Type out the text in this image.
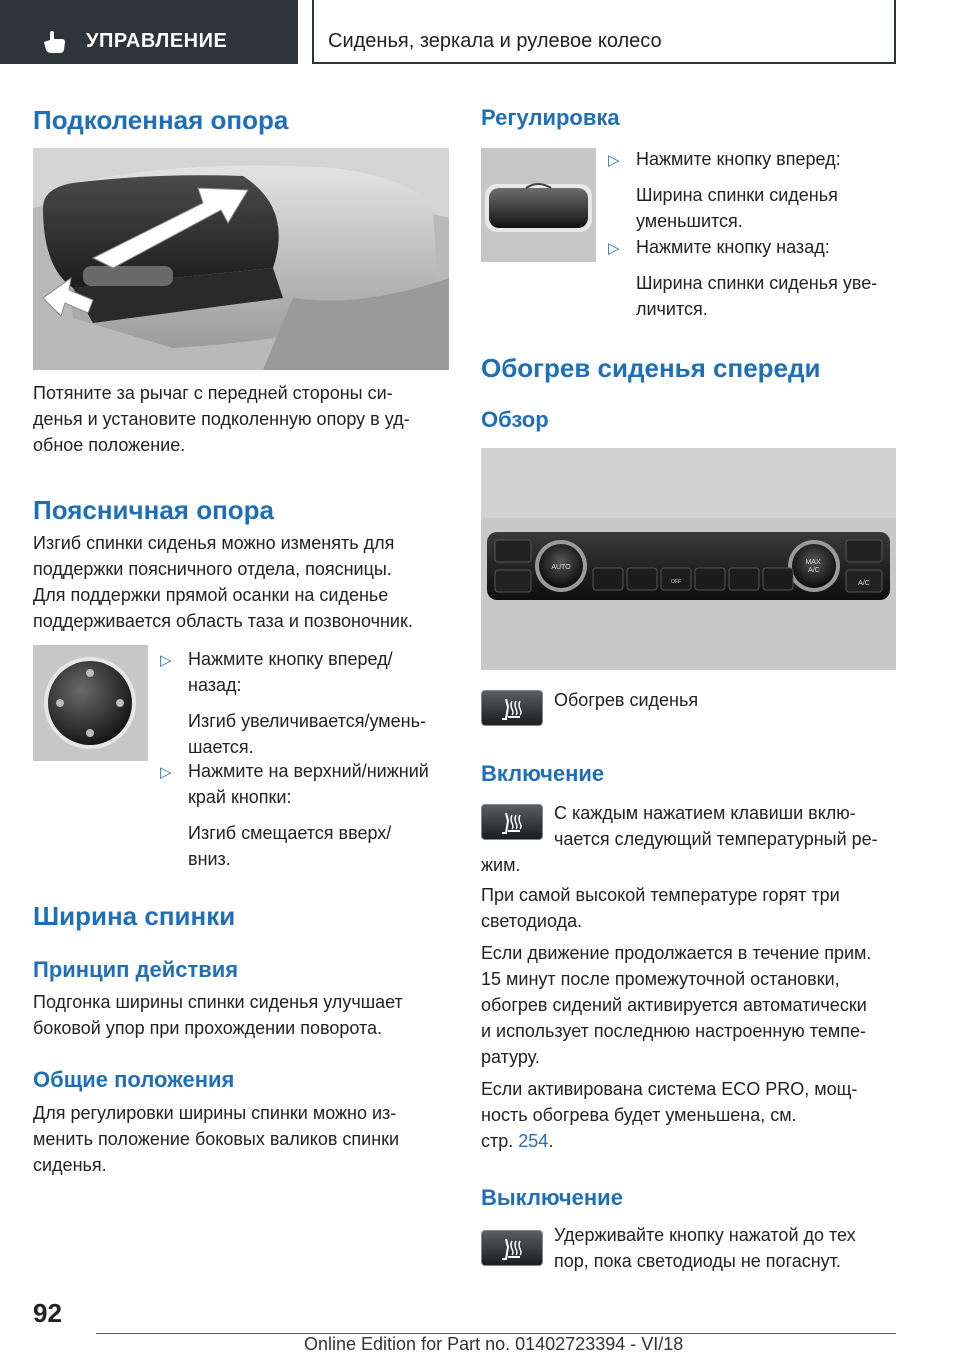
УПРАВЛЕНИЕ	Сиденья, зеркала и рулевое колесо
Подколенная опора

Потяните за рычаг с передней стороны си-
денья и установите подколенную опору в уд-
обное положение.

Поясничная опора

Изгиб спинки сиденья можно изменять для
поддержки поясничного отдела, поясницы.
Для поддержки прямой осанки на сиденье
поддерживается область таза и позвоночник.

▷ Нажмите кнопку вперед/
назад:
Изгиб увеличивается/умень-
шается.
▷ Нажмите на верхний/нижний
край кнопки:
Изгиб смещается вверх/
вниз.
Ширина спинки
Принцип действия

Подгонка ширины спинки сиденья улучшает
боковой упор при прохождении поворота.

Общие положения

Для регулировки ширины спинки можно из-
менить положение боковых валиков спинки
сиденья.

Регулировка
▷ Нажмите кнопку вперед:
Ширина спинки сиденья
уменьшится.
▷ Нажмите кнопку назад:
Ширина спинки сиденья уве-
личится.
Обогрев сиденья спереди
Обзор
AUTO
MAX A/C
A/C
OFF

Обогрев сиденья

Включение

С каждым нажатием клавиши вклю-
чается следующий температурный ре-

жим.

При самой высокой температуре горят три
светодиода.

Если движение продолжается в течение прим.
15 минут после промежуточной остановки,
обогрев сидений активируется автоматически
и использует последнюю настроенную темпе-
ратуру.

Если активирована система ECO PRO, мощ-
ность обогрева будет уменьшена, см.
стр. 254.

Выключение

Удерживайте кнопку нажатой до тех
пор, пока светодиоды не погаснут.

92
Online Edition for Part no. 01402723394 - VI/18
